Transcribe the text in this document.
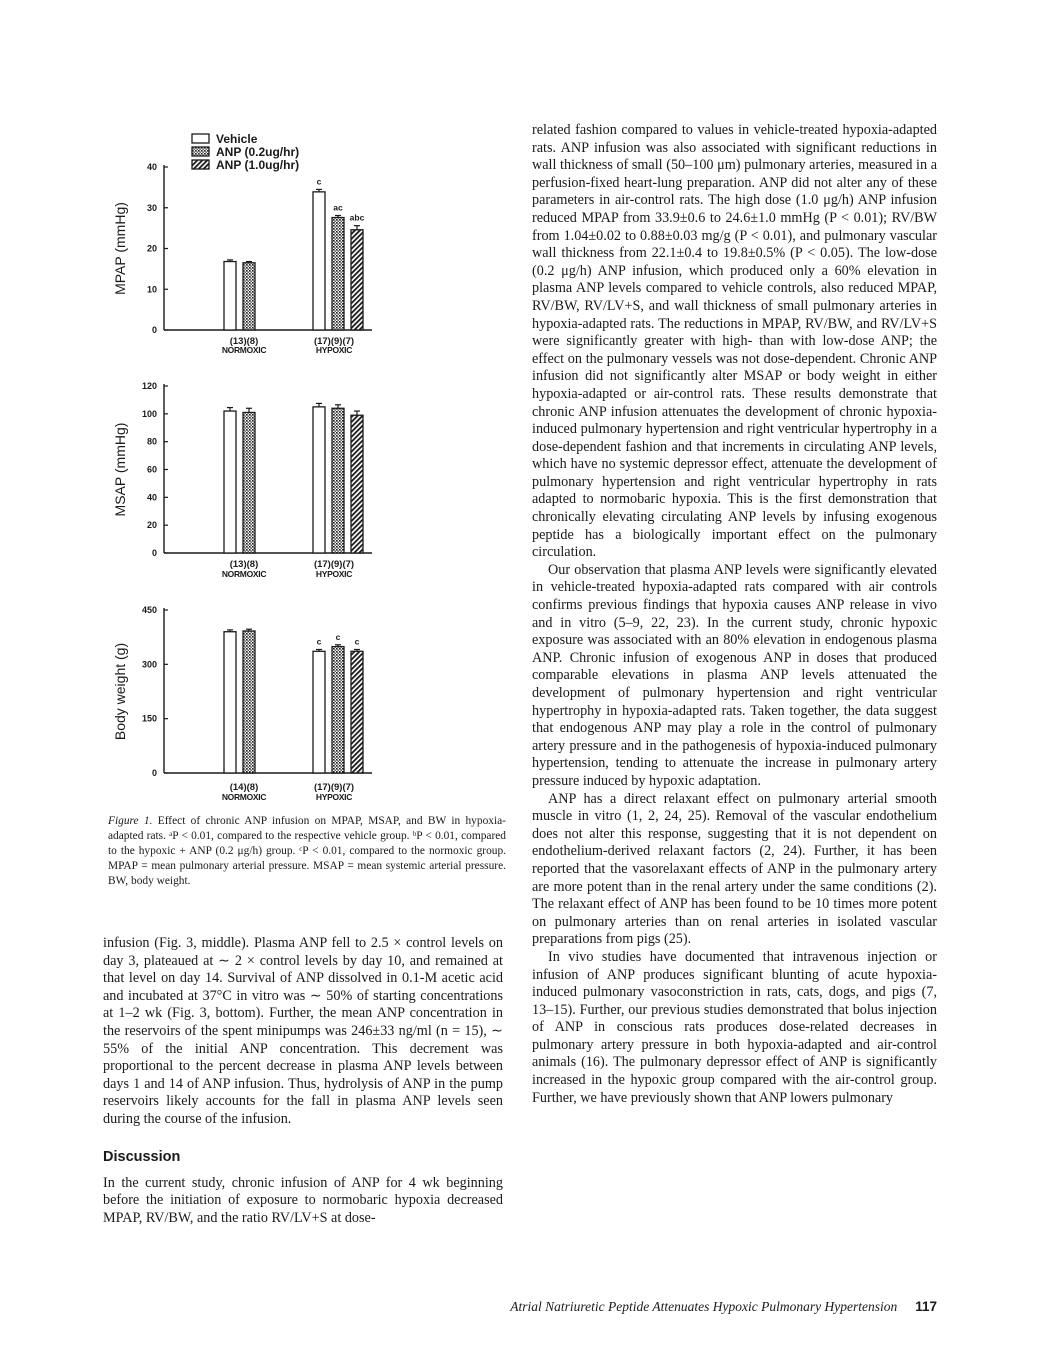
Vehicle
ANP (0.2ug/hr)
ANP (1.0ug/hr)
0
10
20
30
40
MPAP (mmHg)
(13)(8)
NORMOXIC
c
ac
abc
(17)(9)(7)
HYPOXIC
0
20
40
60
80
100
120
MSAP (mmHg)
(13)(8)
NORMOXIC
(17)(9)(7)
HYPOXIC
0
150
300
450
Body weight (g)
(14)(8)
NORMOXIC
c c c
(17)(9)(7)
HYPOXIC

Figure 1. Effect of chronic ANP infusion on MPAP, MSAP, and BW in hypoxia-adapted rats. ᵃP < 0.01, compared to the respective vehicle group. ᵇP < 0.01, compared to the hypoxic + ANP (0.2 μg/h) group. ᶜP < 0.01, compared to the normoxic group. MPAP = mean pulmonary arterial pressure. MSAP = mean systemic arterial pressure. BW, body weight.

infusion (Fig. 3, middle). Plasma ANP fell to 2.5 × control levels on day 3, plateaued at ∼ 2 × control levels by day 10, and remained at that level on day 14. Survival of ANP dissolved in 0.1-M acetic acid and incubated at 37°C in vitro was ∼ 50% of starting concentrations at 1–2 wk (Fig. 3, bottom). Further, the mean ANP concentration in the reservoirs of the spent minipumps was 246±33 ng/ml (n = 15), ∼ 55% of the initial ANP concentration. This decrement was proportional to the percent decrease in plasma ANP levels between days 1 and 14 of ANP infusion. Thus, hydrolysis of ANP in the pump reservoirs likely accounts for the fall in plasma ANP levels seen during the course of the infusion.

Discussion

In the current study, chronic infusion of ANP for 4 wk beginning before the initiation of exposure to normobaric hypoxia decreased MPAP, RV/BW, and the ratio RV/LV+S at dose-

related fashion compared to values in vehicle-treated hypoxia-adapted rats. ANP infusion was also associated with significant reductions in wall thickness of small (50–100 μm) pulmonary arteries, measured in a perfusion-fixed heart-lung preparation. ANP did not alter any of these parameters in air-control rats. The high dose (1.0 μg/h) ANP infusion reduced MPAP from 33.9±0.6 to 24.6±1.0 mmHg (P < 0.01); RV/BW from 1.04±0.02 to 0.88±0.03 mg/g (P < 0.01), and pulmonary vascular wall thickness from 22.1±0.4 to 19.8±0.5% (P < 0.05). The low-dose (0.2 μg/h) ANP infusion, which produced only a 60% elevation in plasma ANP levels compared to vehicle controls, also reduced MPAP, RV/BW, RV/LV+S, and wall thickness of small pulmonary arteries in hypoxia-adapted rats. The reductions in MPAP, RV/BW, and RV/LV+S were significantly greater with high- than with low-dose ANP; the effect on the pulmonary vessels was not dose-dependent. Chronic ANP infusion did not significantly alter MSAP or body weight in either hypoxia-adapted or air-control rats. These results demonstrate that chronic ANP infusion attenuates the development of chronic hypoxia-induced pulmonary hypertension and right ventricular hypertrophy in a dose-dependent fashion and that increments in circulating ANP levels, which have no systemic depressor effect, attenuate the development of pulmonary hypertension and right ventricular hypertrophy in rats adapted to normobaric hypoxia. This is the first demonstration that chronically elevating circulating ANP levels by infusing exogenous peptide has a biologically important effect on the pulmonary circulation.

Our observation that plasma ANP levels were significantly elevated in vehicle-treated hypoxia-adapted rats compared with air controls confirms previous findings that hypoxia causes ANP release in vivo and in vitro (5–9, 22, 23). In the current study, chronic hypoxic exposure was associated with an 80% elevation in endogenous plasma ANP. Chronic infusion of exogenous ANP in doses that produced comparable elevations in plasma ANP levels attenuated the development of pulmonary hypertension and right ventricular hypertrophy in hypoxia-adapted rats. Taken together, the data suggest that endogenous ANP may play a role in the control of pulmonary artery pressure and in the pathogenesis of hypoxia-induced pulmonary hypertension, tending to attenuate the increase in pulmonary artery pressure induced by hypoxic adaptation.

ANP has a direct relaxant effect on pulmonary arterial smooth muscle in vitro (1, 2, 24, 25). Removal of the vascular endothelium does not alter this response, suggesting that it is not dependent on endothelium-derived relaxant factors (2, 24). Further, it has been reported that the vasorelaxant effects of ANP in the pulmonary artery are more potent than in the renal artery under the same conditions (2). The relaxant effect of ANP has been found to be 10 times more potent on pulmonary arteries than on renal arteries in isolated vascular preparations from pigs (25).

In vivo studies have documented that intravenous injection or infusion of ANP produces significant blunting of acute hypoxia-induced pulmonary vasoconstriction in rats, cats, dogs, and pigs (7, 13–15). Further, our previous studies demonstrated that bolus injection of ANP in conscious rats produces dose-related decreases in pulmonary artery pressure in both hypoxia-adapted and air-control animals (16). The pulmonary depressor effect of ANP is significantly increased in the hypoxic group compared with the air-control group. Further, we have previously shown that ANP lowers pulmonary

Atrial Natriuretic Peptide Attenuates Hypoxic Pulmonary Hypertension 117
